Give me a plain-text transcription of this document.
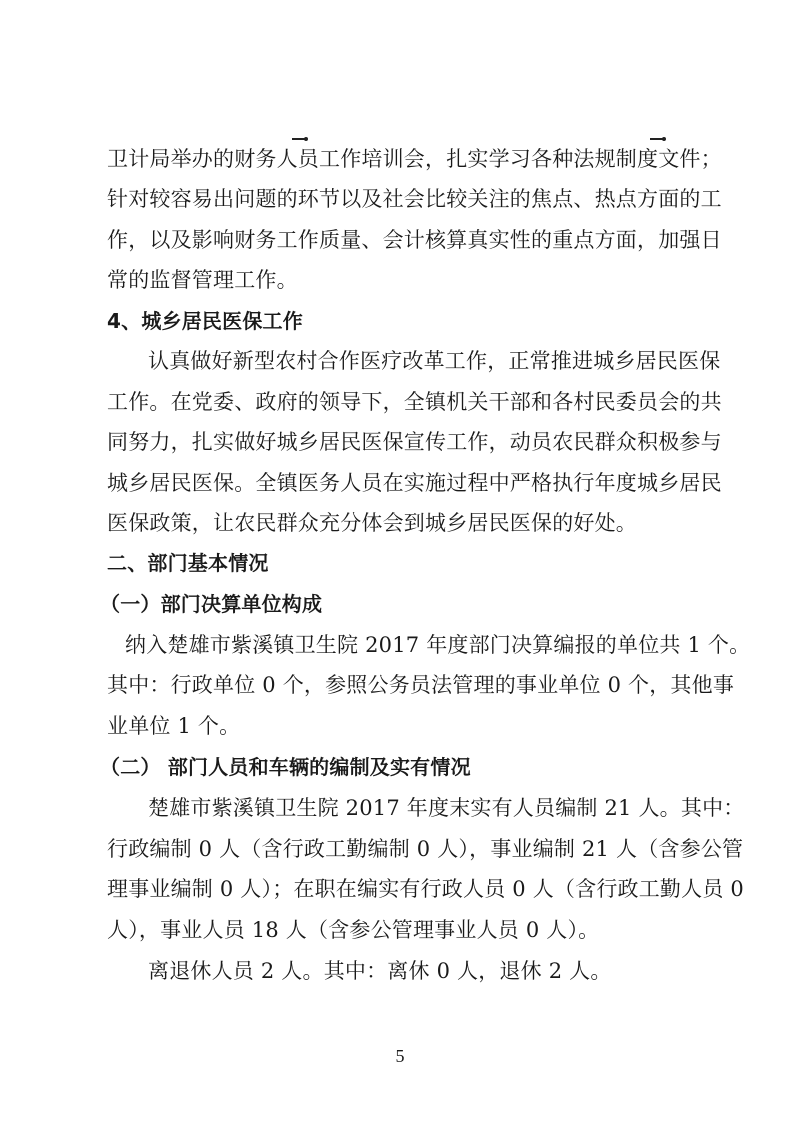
卫计局举办的财务人员工作培训会，扎实学习各种法规制度文件；
针对较容易出问题的环节以及社会比较关注的焦点、热点方面的工
作，以及影响财务工作质量、会计核算真实性的重点方面，加强日
常的监督管理工作。
4、城乡居民医保工作
认真做好新型农村合作医疗改革工作，正常推进城乡居民医保
工作。在党委、政府的领导下，全镇机关干部和各村民委员会的共
同努力，扎实做好城乡居民医保宣传工作，动员农民群众积极参与
城乡居民医保。全镇医务人员在实施过程中严格执行年度城乡居民
医保政策，让农民群众充分体会到城乡居民医保的好处。
二、部门基本情况
（一）部门决算单位构成
纳入楚雄市紫溪镇卫生院 2017 年度部门决算编报的单位共 1 个。
其中：行政单位 0 个，参照公务员法管理的事业单位 0 个，其他事
业单位 1 个。
（二） 部门人员和车辆的编制及实有情况
楚雄市紫溪镇卫生院 2017 年度末实有人员编制 21 人。其中：
行政编制 0 人（含行政工勤编制 0 人），事业编制 21 人（含参公管
理事业编制 0 人）；在职在编实有行政人员 0 人（含行政工勤人员 0
人），事业人员 18 人（含参公管理事业人员 0 人）。
离退休人员 2 人。其中：离休 0 人，退休 2 人。
5
